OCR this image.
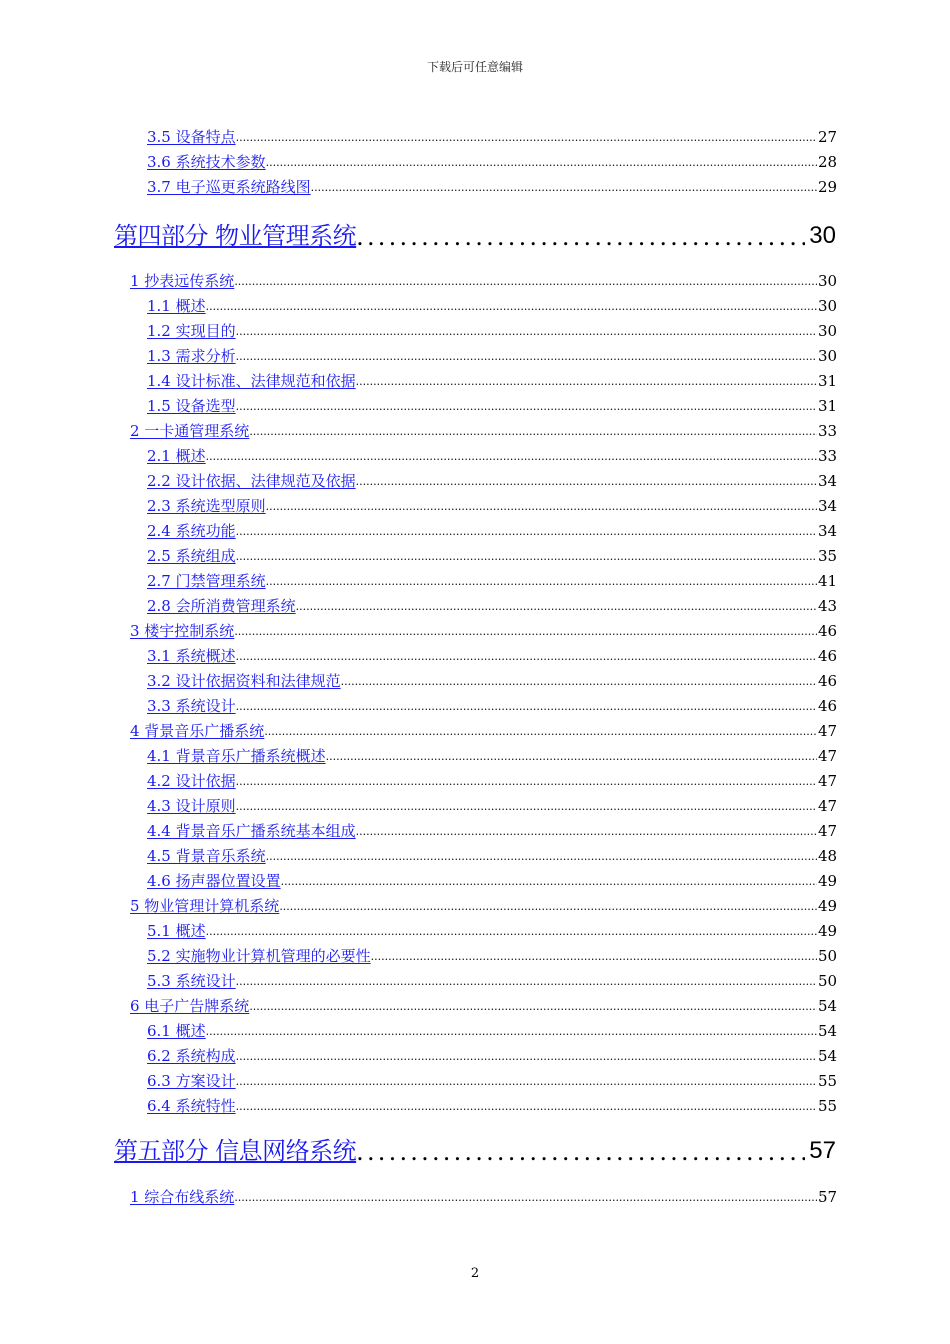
下载后可任意编辑
3.5 设备特点 .....	27
3.6 系统技术参数 .....	28
3.7 电子巡更系统路线图 .....	29
第四部分 物业管理系统 .....	30
1 抄表远传系统 .....	30
1.1 概述 .....	30
1.2 实现目的 .....	30
1.3 需求分析 .....	30
1.4 设计标准、法律规范和依据 .....	31
1.5 设备选型 .....	31
2 一卡通管理系统 .....	33
2.1 概述 .....	33
2.2 设计依据、法律规范及依据 .....	34
2.3 系统选型原则 .....	34
2.4 系统功能 .....	34
2.5 系统组成 .....	35
2.7 门禁管理系统 .....	41
2.8 会所消费管理系统 .....	43
3 楼宇控制系统 .....	46
3.1 系统概述 .....	46
3.2 设计依据资料和法律规范 .....	46
3.3 系统设计 .....	46
4 背景音乐广播系统 .....	47
4.1 背景音乐广播系统概述 .....	47
4.2 设计依据 .....	47
4.3 设计原则 .....	47
4.4 背景音乐广播系统基本组成 .....	47
4.5 背景音乐系统 .....	48
4.6 扬声器位置设置 .....	49
5 物业管理计算机系统 .....	49
5.1 概述 .....	49
5.2 实施物业计算机管理的必要性 .....	50
5.3 系统设计 .....	50
6 电子广告牌系统 .....	54
6.1 概述 .....	54
6.2 系统构成 .....	54
6.3 方案设计 .....	55
6.4 系统特性 .....	55
第五部分 信息网络系统 .....	57
1 综合布线系统 .....	57
2
